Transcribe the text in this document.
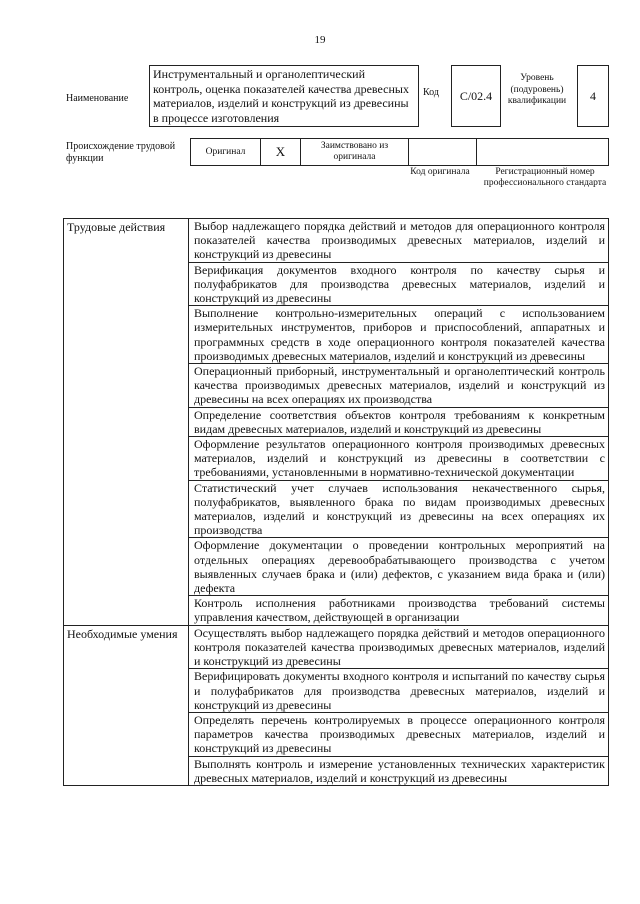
19
Наименование
Инструментальный и органолептический контроль, оценка показателей качества древесных материалов, изделий и конструкций из древесины в процессе изготовления
Код	С/02.4
Уровень (подуровень) квалификации	4
Происхождение трудовой функции
Оригинал	X	Заимствовано из оригинала
Код оригинала	Регистрационный номер профессионального стандарта
Трудовые действия	Выбор надлежащего порядка действий и методов для операционного контроля показателей качества производимых древесных материалов, изделий и конструкций из древесины
	Верификация документов входного контроля по качеству сырья и полуфабрикатов для производства древесных материалов, изделий и конструкций из древесины
	Выполнение контрольно-измерительных операций с использованием измерительных инструментов, приборов и приспособлений, аппаратных и программных средств в ходе операционного контроля показателей качества производимых древесных материалов, изделий и конструкций из древесины
	Операционный приборный, инструментальный и органолептический контроль качества производимых древесных материалов, изделий и конструкций из древесины на всех операциях их производства
	Определение соответствия объектов контроля требованиям к конкретным видам древесных материалов, изделий и конструкций из древесины
	Оформление результатов операционного контроля производимых древесных материалов, изделий и конструкций из древесины в соответствии с требованиями, установленными в нормативно-технической документации
	Статистический учет случаев использования некачественного сырья, полуфабрикатов, выявленного брака по видам производимых древесных материалов, изделий и конструкций из древесины на всех операциях их производства
	Оформление документации о проведении контрольных мероприятий на отдельных операциях деревообрабатывающего производства с учетом выявленных случаев брака и (или) дефектов, с указанием вида брака и (или) дефекта
	Контроль исполнения работниками производства требований системы управления качеством, действующей в организации
Необходимые умения	Осуществлять выбор надлежащего порядка действий и методов операционного контроля показателей качества производимых древесных материалов, изделий и конструкций из древесины
	Верифицировать документы входного контроля и испытаний по качеству сырья и полуфабрикатов для производства древесных материалов, изделий и конструкций из древесины
	Определять перечень контролируемых в процессе операционного контроля параметров качества производимых древесных материалов, изделий и конструкций из древесины
	Выполнять контроль и измерение установленных технических характеристик древесных материалов, изделий и конструкций из древесины
